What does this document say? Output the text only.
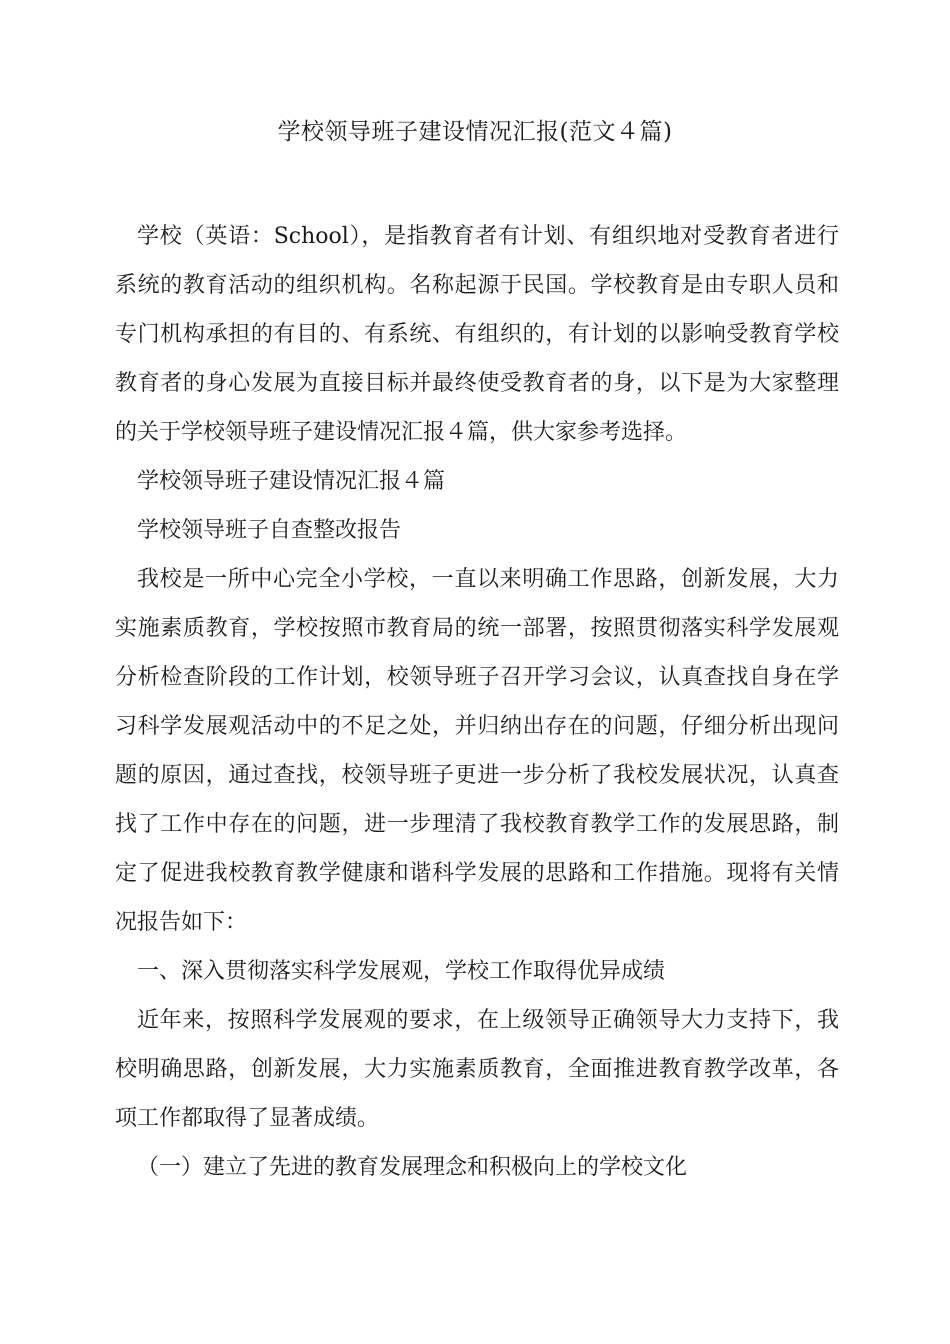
学校领导班子建设情况汇报(范文４篇)

学校（英语：School），是指教育者有计划、有组织地对受教育者进行系统的教育活动的组织机构。名称起源于民国。学校教育是由专职人员和专门机构承担的有目的、有系统、有组织的，有计划的以影响受教育学校教育者的身心发展为直接目标并最终使受教育者的身，以下是为大家整理的关于学校领导班子建设情况汇报４篇，供大家参考选择。

学校领导班子建设情况汇报４篇

学校领导班子自查整改报告

我校是一所中心完全小学校，一直以来明确工作思路，创新发展，大力实施素质教育，学校按照市教育局的统一部署，按照贯彻落实科学发展观分析检查阶段的工作计划，校领导班子召开学习会议，认真查找自身在学习科学发展观活动中的不足之处，并归纳出存在的问题，仔细分析出现问题的原因，通过查找，校领导班子更进一步分析了我校发展状况，认真查找了工作中存在的问题，进一步理清了我校教育教学工作的发展思路，制定了促进我校教育教学健康和谐科学发展的思路和工作措施。现将有关情况报告如下：

一、深入贯彻落实科学发展观，学校工作取得优异成绩

近年来，按照科学发展观的要求，在上级领导正确领导大力支持下，我校明确思路，创新发展，大力实施素质教育，全面推进教育教学改革，各项工作都取得了显著成绩。

（一）建立了先进的教育发展理念和积极向上的学校文化
